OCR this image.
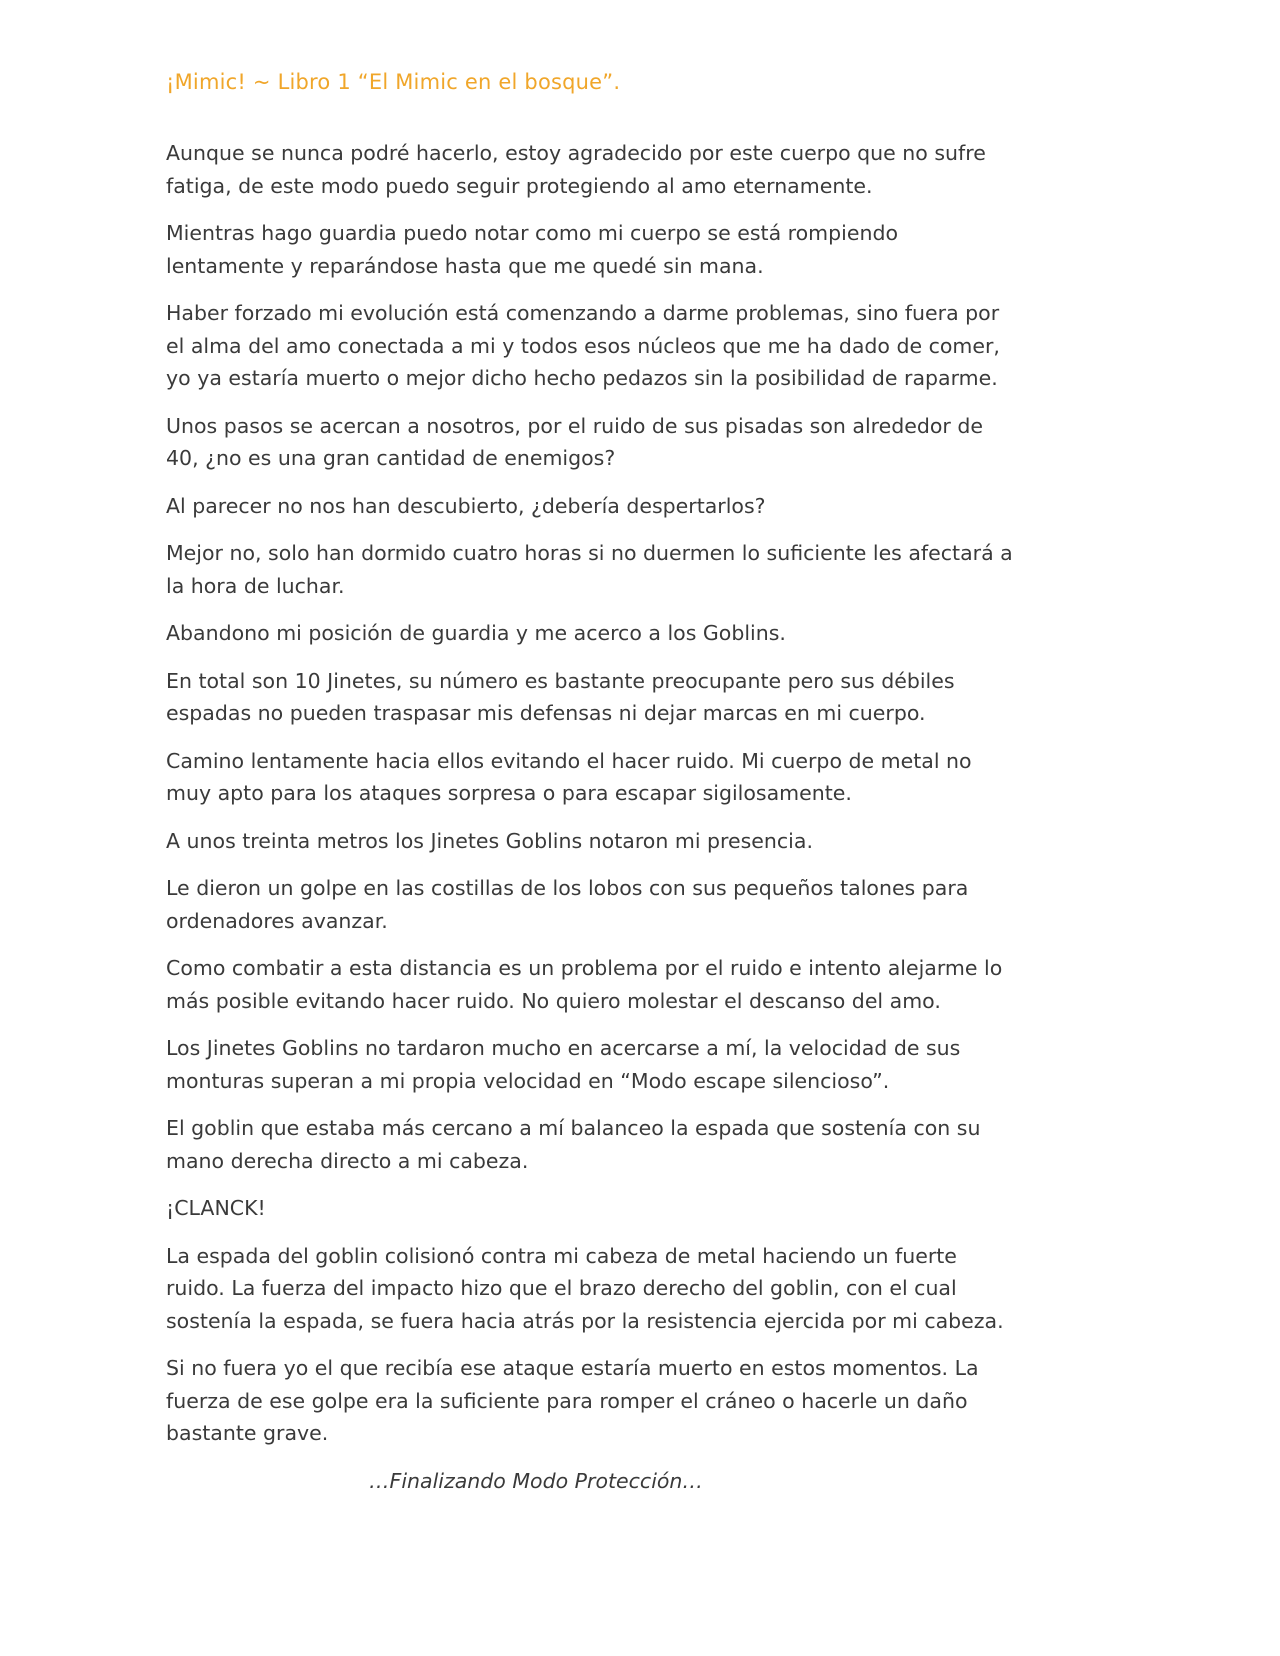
¡Mimic! ~ Libro 1 “El Mimic en el bosque”.

Aunque se nunca podré hacerlo, estoy agradecido por este cuerpo que no sufre fatiga, de este modo puedo seguir protegiendo al amo eternamente.

Mientras hago guardia puedo notar como mi cuerpo se está rompiendo lentamente y reparándose hasta que me quedé sin mana.

Haber forzado mi evolución está comenzando a darme problemas, sino fuera por el alma del amo conectada a mi y todos esos núcleos que me ha dado de comer, yo ya estaría muerto o mejor dicho hecho pedazos sin la posibilidad de raparme.

Unos pasos se acercan a nosotros, por el ruido de sus pisadas son alrededor de 40, ¿no es una gran cantidad de enemigos?

Al parecer no nos han descubierto, ¿debería despertarlos?

Mejor no, solo han dormido cuatro horas si no duermen lo suficiente les afectará a la hora de luchar.

Abandono mi posición de guardia y me acerco a los Goblins.

En total son 10 Jinetes, su número es bastante preocupante pero sus débiles espadas no pueden traspasar mis defensas ni dejar marcas en mi cuerpo.

Camino lentamente hacia ellos evitando el hacer ruido. Mi cuerpo de metal no muy apto para los ataques sorpresa o para escapar sigilosamente.

A unos treinta metros los Jinetes Goblins notaron mi presencia.

Le dieron un golpe en las costillas de los lobos con sus pequeños talones para ordenadores avanzar.

Como combatir a esta distancia es un problema por el ruido e intento alejarme lo más posible evitando hacer ruido. No quiero molestar el descanso del amo.

Los Jinetes Goblins no tardaron mucho en acercarse a mí, la velocidad de sus monturas superan a mi propia velocidad en “Modo escape silencioso”.

El goblin que estaba más cercano a mí balanceo la espada que sostenía con su mano derecha directo a mi cabeza.

¡CLANCK!

La espada del goblin colisionó contra mi cabeza de metal haciendo un fuerte ruido. La fuerza del impacto hizo que el brazo derecho del goblin, con el cual sostenía la espada, se fuera hacia atrás por la resistencia ejercida por mi cabeza.

Si no fuera yo el que recibía ese ataque estaría muerto en estos momentos. La fuerza de ese golpe era la suficiente para romper el cráneo o hacerle un daño bastante grave.

…Finalizando Modo Protección…
